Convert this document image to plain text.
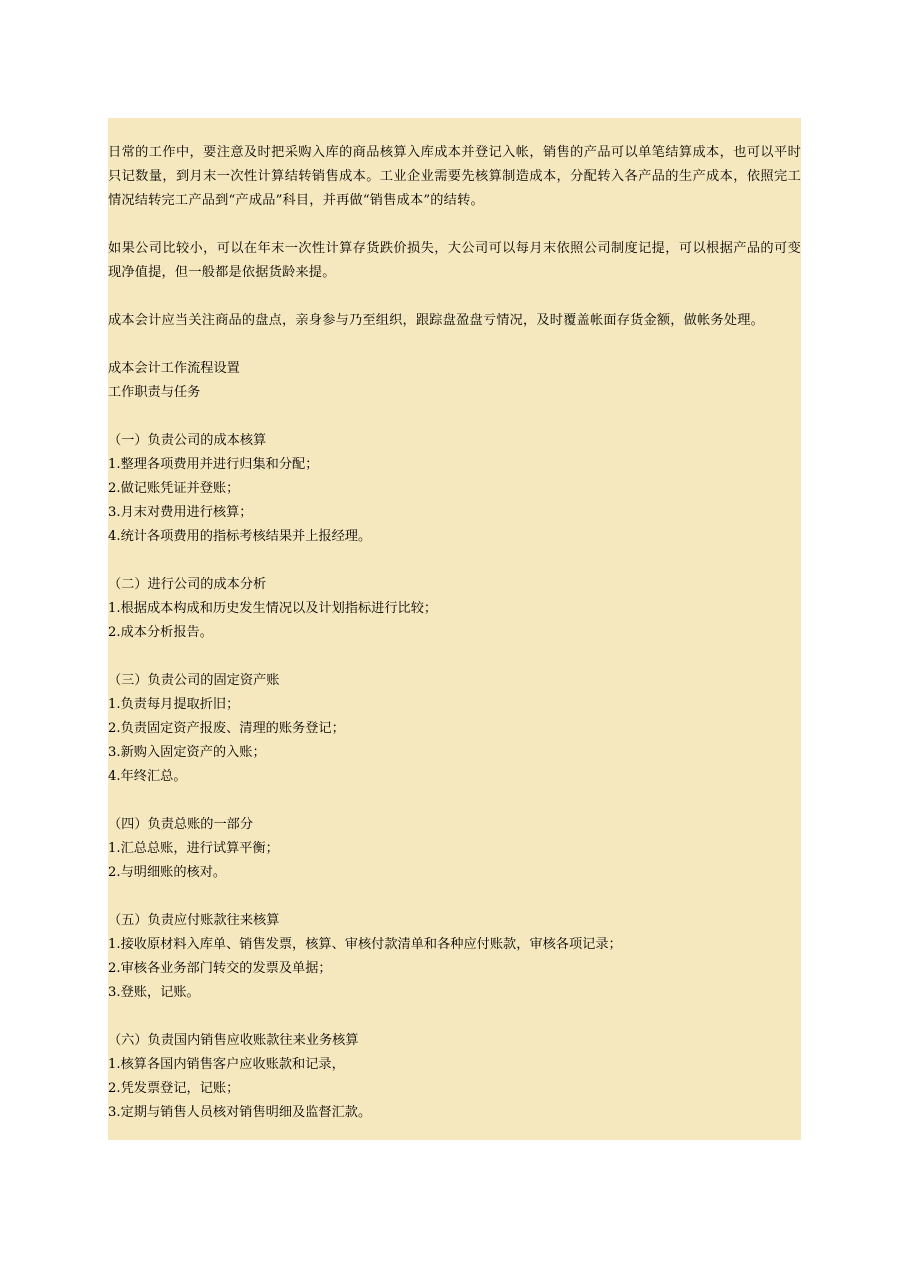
日常的工作中，要注意及时把采购入库的商品核算入库成本并登记入帐，销售的产品可以单笔结算成本，也可以平时只记数量，到月末一次性计算结转销售成本。工业企业需要先核算制造成本，分配转入各产品的生产成本，依照完工情况结转完工产品到“产成品”科目，并再做“销售成本”的结转。

如果公司比较小，可以在年末一次性计算存货跌价损失，大公司可以每月末依照公司制度记提，可以根据产品的可变现净值提，但一般都是依据货龄来提。

成本会计应当关注商品的盘点，亲身参与乃至组织，跟踪盘盈盘亏情况，及时覆盖帐面存货金额，做帐务处理。

成本会计工作流程设置

工作职责与任务

（一）负责公司的成本核算

1.整理各项费用并进行归集和分配；

2.做记账凭证并登账；

3.月末对费用进行核算；

4.统计各项费用的指标考核结果并上报经理。

（二）进行公司的成本分析

1.根据成本构成和历史发生情况以及计划指标进行比较；

2.成本分析报告。

（三）负责公司的固定资产账

1.负责每月提取折旧；

2.负责固定资产报废、清理的账务登记；

3.新购入固定资产的入账；

4.年终汇总。

（四）负责总账的一部分

1.汇总总账，进行试算平衡；

2.与明细账的核对。

（五）负责应付账款往来核算

1.接收原材料入库单、销售发票，核算、审核付款清单和各种应付账款，审核各项记录；

2.审核各业务部门转交的发票及单据；

3.登账，记账。

（六）负责国内销售应收账款往来业务核算

1.核算各国内销售客户应收账款和记录，

2.凭发票登记，记账；

3.定期与销售人员核对销售明细及监督汇款。
